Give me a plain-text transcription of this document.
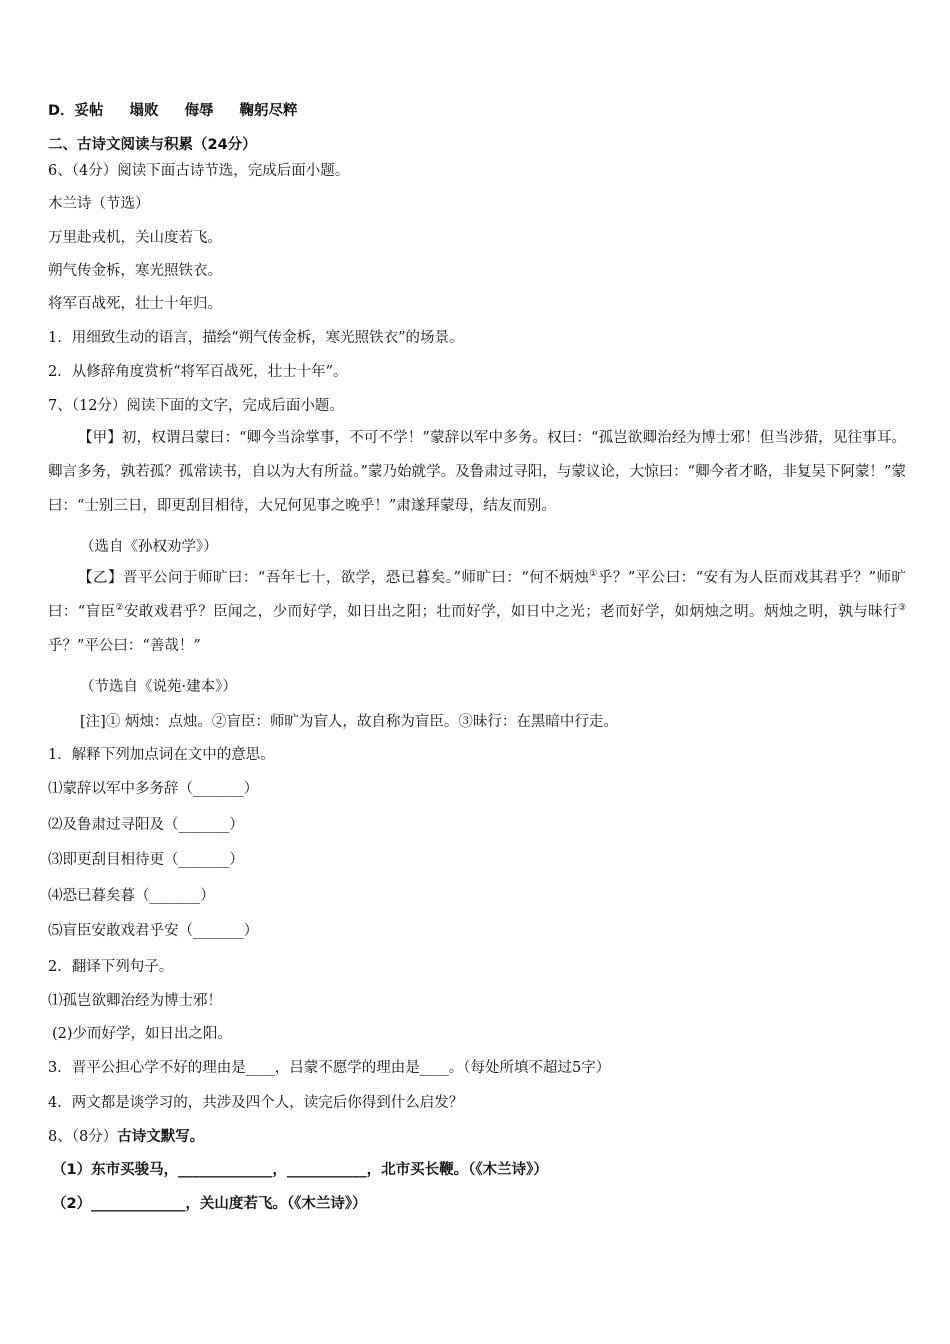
D．妥帖 塌败 侮辱 鞠躬尽粹
二、古诗文阅读与积累（24分）
6、（4分）阅读下面古诗节选，完成后面小题。
木兰诗（节选）
万里赴戎机，关山度若飞。
朔气传金柝，寒光照铁衣。
将军百战死，壮士十年归。
1．用细致生动的语言，描绘“朔气传金柝，寒光照铁衣”的场景。
2．从修辞角度赏析“将军百战死，壮士十年”。
7、（12分）阅读下面的文字，完成后面小题。
【甲】初，权谓吕蒙曰：“卿今当涂掌事，不可不学！”蒙辞以军中多务。权曰：“孤岂欲卿治经为博士邪！但当涉猎，见往事耳。卿言多务，孰若孤？孤常读书，自以为大有所益。”蒙乃始就学。及鲁肃过寻阳，与蒙议论，大惊曰：“卿今者才略，非复吴下阿蒙！”蒙曰：“士别三日，即更刮目相待，大兄何见事之晚乎！”肃遂拜蒙母，结友而别。
（选自《孙权劝学》）
【乙】晋平公问于师旷曰：“吾年七十，欲学，恐已暮矣。”师旷曰：“何不炳烛①乎？”平公曰：“安有为人臣而戏其君乎？”师旷曰：“盲臣②安敢戏君乎？臣闻之，少而好学，如日出之阳；壮而好学，如日中之光；老而好学，如炳烛之明。炳烛之明，孰与昧行③乎？”平公曰：“善哉！”
（节选自《说苑·建本》）
[注]① 炳烛：点烛。②盲臣：师旷为盲人，故自称为盲臣。③昧行：在黑暗中行走。
1．解释下列加点词在文中的意思。
⑴蒙辞以军中多务辞（_______）
⑵及鲁肃过寻阳及（_______）
⑶即更刮目相待更（_______）
⑷恐已暮矣暮（_______）
⑸盲臣安敢戏君乎安（_______）
2．翻译下列句子。
⑴孤岂欲卿治经为博士邪！
(2)少而好学，如日出之阳。
3．晋平公担心学不好的理由是____，吕蒙不愿学的理由是____。（每处所填不超过5字）
4．两文都是谈学习的，共涉及四个人，读完后你得到什么启发？
8、（8分）古诗文默写。
（1）东市买骏马，_____________，___________，北市买长鞭。（《木兰诗》）
（2）_____________，关山度若飞。（《木兰诗》）
